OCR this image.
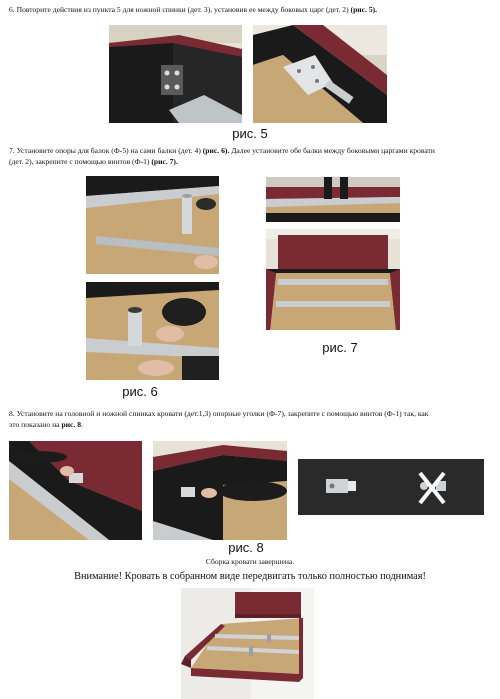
6. Повторите действия из пункта 5 для ножной спинки (дет. 3), установив ее между боковых царг (дет. 2) (рис. 5).
рис. 5
7. Установите опоры для балок (Ф-5) на сами балки (дет. 4) (рис. 6). Далее установите обе балки между боковыми царгами кровати
(дет. 2), закрепите с помощью винтов (Ф-1) (рис. 7).
рис. 6
рис. 7
8. Установите на головной и ножной спинках кровати (дет.1,3) опорные уголки (Ф-7), закрепите с помощью винтов (Ф-1) так, как
это показано на рис. 8.
рис. 8
Сборка кровати завершена.
Внимание! Кровать в собранном виде передвигать только полностью поднимая!
